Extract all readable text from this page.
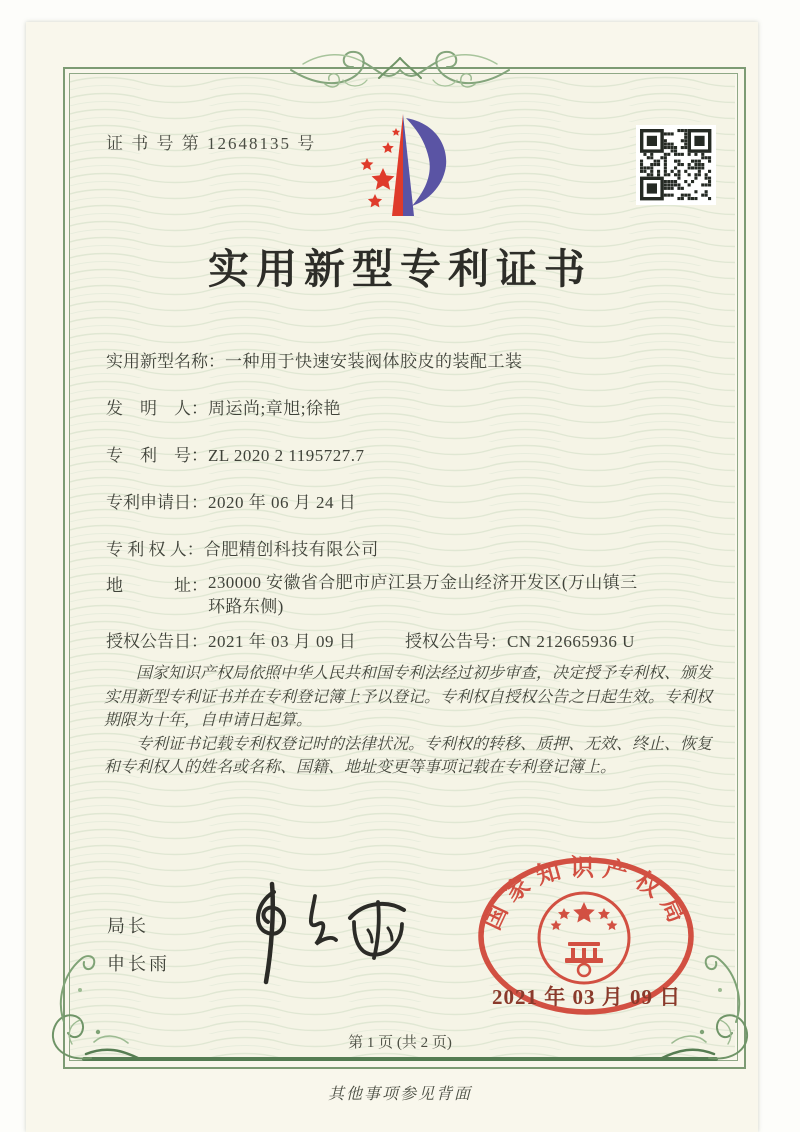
证 书 号 第 12648135 号
实用新型专利证书
实用新型名称：一种用于快速安装阀体胶皮的装配工装
发　明　人：周运尚;章旭;徐艳
专　利　号：ZL 2020 2 1195727.7
专利申请日：2020 年 06 月 24 日
专 利 权 人：合肥精创科技有限公司
地　　　址：230000 安徽省合肥市庐江县万金山经济开发区(万山镇三环路东侧)
授权公告日：2021 年 03 月 09 日	授权公告号：CN 212665936 U

国家知识产权局依照中华人民共和国专利法经过初步审查，决定授予专利权、颁发实用新型专利证书并在专利登记簿上予以登记。专利权自授权公告之日起生效。专利权期限为十年，自申请日起算。

专利证书记载专利权登记时的法律状况。专利权的转移、质押、无效、终止、恢复和专利权人的姓名或名称、国籍、地址变更等事项记载在专利登记簿上。

局长
申长雨
国家知识产权局
2021 年 03 月 09 日
第 1 页 (共 2 页)
其他事项参见背面
